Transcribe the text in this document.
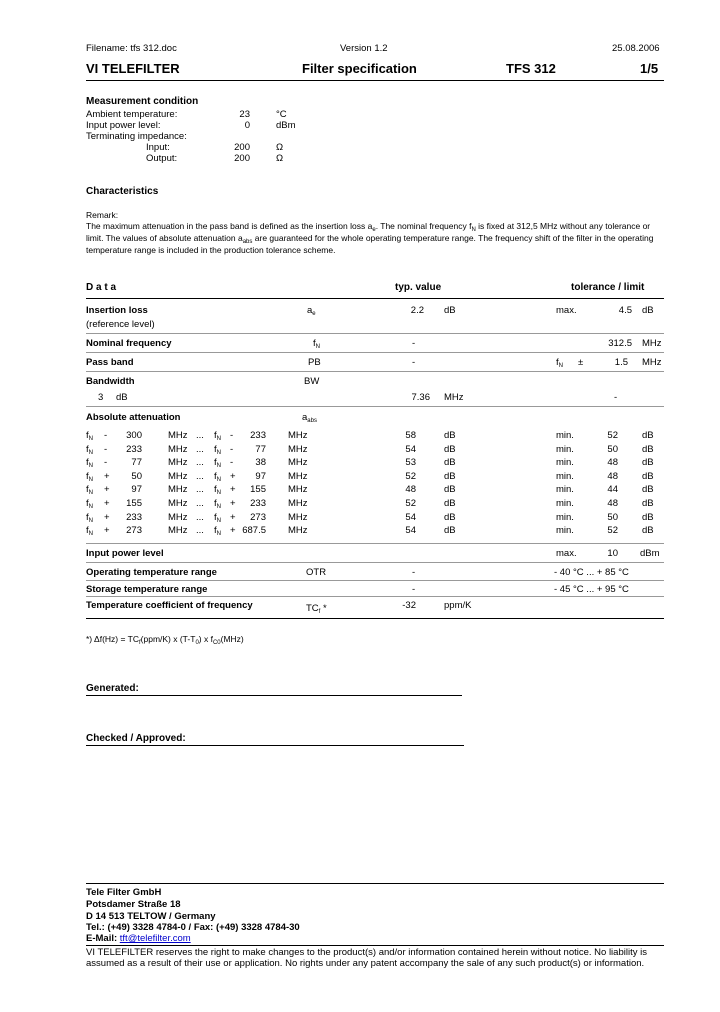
Filename: tfs 312.doc	Version 1.2	25.08.2006
VI TELEFILTER	Filter specification	TFS 312	1/5
Measurement condition
Ambient temperature:	23	°C
Input power level:	0	dBm
Terminating impedance:
Input:	200	Ω
Output:	200	Ω
Characteristics
Remark:
The maximum attenuation in the pass band is defined as the insertion loss $a_e$. The nominal frequency $f_N$ is fixed at 312,5 MHz without any tolerance or
limit. The values of absolute attenuation $a_{abs}$ are guaranteed for the whole operating temperature range. The frequency shift of the filter in the operating
temperature range is included in the production tolerance scheme.
D a t a	typ. value	tolerance / limit
Insertion loss
(reference level)
$a_e$	2.2 dB	max.	4.5 dB
Nominal frequency	$f_N$	-	312.5 MHz
Pass band	PB	-	$f_N$ ±	1.5 MHz
Bandwidth	BW
3 dB	7.36 MHz	-
Absolute attenuation	$a_{abs}$
$f_N$ -	300	MHz ... $f_N$ -	233 MHz	58	dB	min.	52	dB
$f_N$ -	233	MHz ... $f_N$ -	77 MHz	54	dB	min.	50	dB
$f_N$ -	77	MHz ... $f_N$ -	38 MHz	53	dB	min.	48	dB
$f_N$ +	50	MHz ... $f_N$ +	97 MHz	52	dB	min.	48	dB
$f_N$ +	97	MHz ... $f_N$ +	155 MHz	48	dB	min.	44	dB
$f_N$ +	155	MHz ... $f_N$ +	233 MHz	52	dB	min.	48	dB
$f_N$ +	233	MHz ... $f_N$ +	273 MHz	54	dB	min.	50	dB
$f_N$ +	273	MHz ... $f_N + 687.5$ MHz	54	dB	min.	52	dB
Input power level	max.	10 dBm
Operating temperature range	OTR	-	- 40 °C ... + 85 °C
Storage temperature range	-	- 45 °C ... + 95 °C
Temperature coefficient of frequency	$TC_f$ *	-32	ppm/K
*) $\Delta f(Hz) = TC_f(ppm/K)$ x $(T-T_0)$ x $f_{C0}(MHz)$
Generated:
Checked / Approved:
Tele Filter GmbH
Potsdamer Straße 18
D 14 513 TELTOW / Germany
Tel.: (+49) 3328 4784-0 / Fax: (+49) 3328 4784-30
E-Mail: tft@telefilter.com
VI TELEFILTER reserves the right to make changes to the product(s) and/or information contained herein without notice. No liability is
assumed as a result of their use or application. No rights under any patent accompany the sale of any such product(s) or information.
